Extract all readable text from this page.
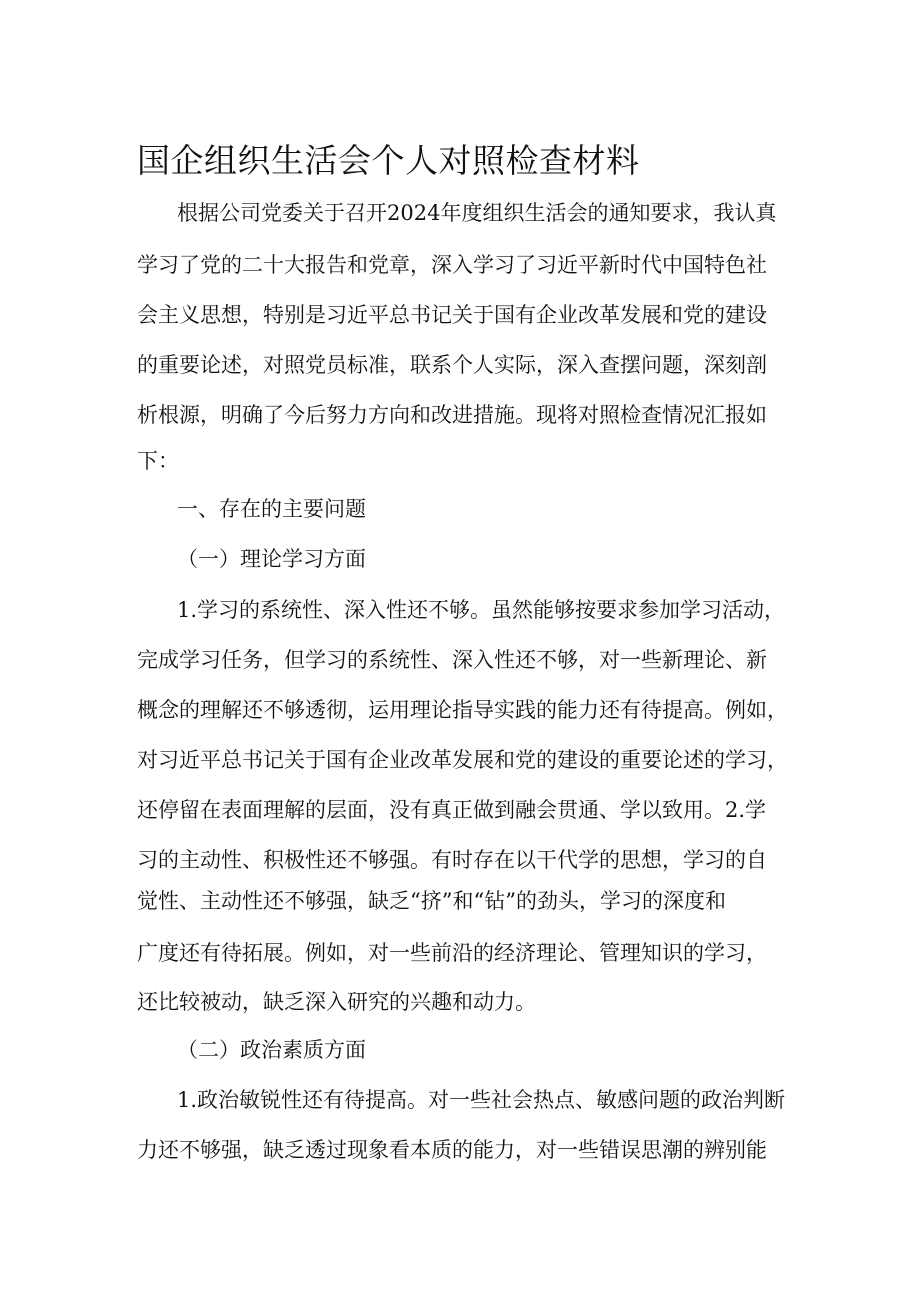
国企组织生活会个人对照检查材料
根据公司党委关于召开2024年度组织生活会的通知要求，我认真
学习了党的二十大报告和党章，深入学习了习近平新时代中国特色社
会主义思想，特别是习近平总书记关于国有企业改革发展和党的建设
的重要论述，对照党员标准，联系个人实际，深入查摆问题，深刻剖
析根源，明确了今后努力方向和改进措施。现将对照检查情况汇报如
下：
一、存在的主要问题
（一）理论学习方面
1.学习的系统性、深入性还不够。虽然能够按要求参加学习活动，
完成学习任务，但学习的系统性、深入性还不够，对一些新理论、新
概念的理解还不够透彻，运用理论指导实践的能力还有待提高。例如，
对习近平总书记关于国有企业改革发展和党的建设的重要论述的学习，
还停留在表面理解的层面，没有真正做到融会贯通、学以致用。2.学
习的主动性、积极性还不够强。有时存在以干代学的思想，学习的自
觉性、主动性还不够强，缺乏“挤”和“钻”的劲头，学习的深度和
广度还有待拓展。例如，对一些前沿的经济理论、管理知识的学习，
还比较被动，缺乏深入研究的兴趣和动力。
（二）政治素质方面
1.政治敏锐性还有待提高。对一些社会热点、敏感问题的政治判断
力还不够强，缺乏透过现象看本质的能力，对一些错误思潮的辨别能
